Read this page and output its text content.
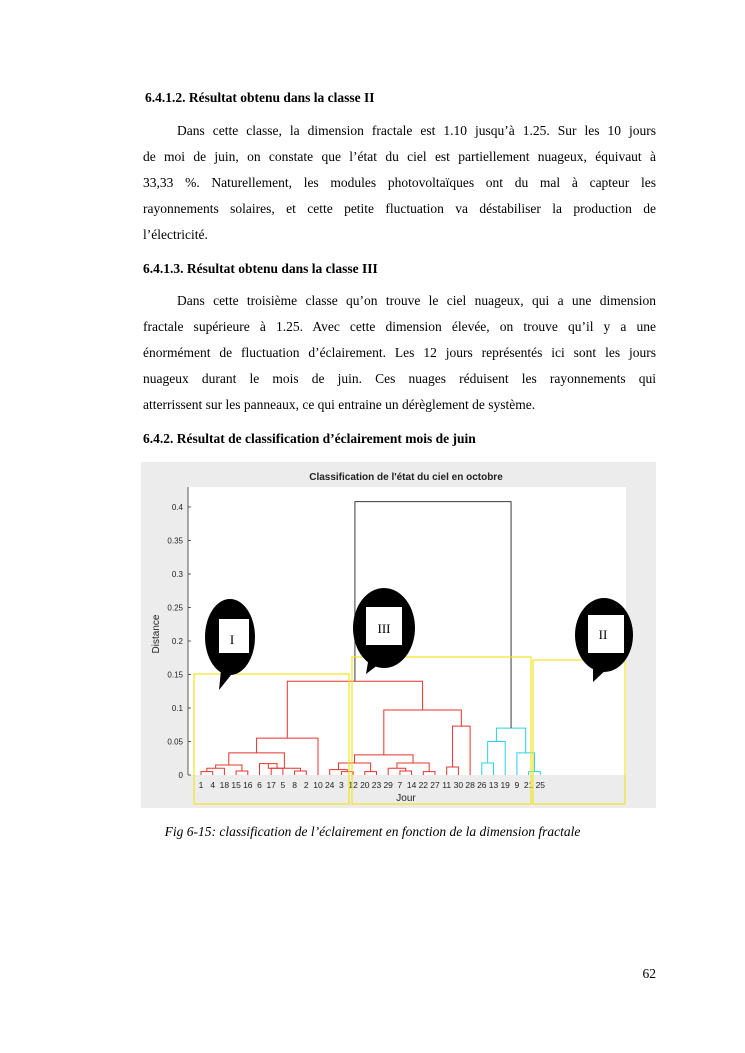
6.4.1.2. Résultat obtenu dans la classe II
Dans cette classe, la dimension fractale est 1.10 jusqu’à 1.25. Sur les 10 jours
de moi de juin, on constate que l’état du ciel est partiellement nuageux, équivaut à
33,33 %. Naturellement, les modules photovoltaïques ont du mal à capteur les
rayonnements solaires, et cette petite fluctuation va déstabiliser la production de
l’électricité.
6.4.1.3. Résultat obtenu dans la classe III
Dans cette troisième classe qu’on trouve le ciel nuageux, qui a une dimension
fractale supérieure à 1.25. Avec cette dimension élevée, on trouve qu’il y a une
énormément de fluctuation d’éclairement. Les 12 jours représentés ici sont les jours
nuageux durant le mois de juin. Ces nuages réduisent les rayonnements qui
atterrissent sur les panneaux, ce qui entraine un dérèglement de système.
6.4.2. Résultat de classification d’éclairement mois de juin
Classification de l'état du ciel en octobre
0
0.05
0.1
0.15
0.2
0.25
0.3
0.35
0.4
Distance
1 4 18 15 16 6 17 5 8 2 10 24 3 12 20 23 29 7 14 22 27 11 30 28 26 13 19 9 21 25
Jour
I
III	II
Fig 6-15: classification de l’éclairement en fonction de la dimension fractale
62
